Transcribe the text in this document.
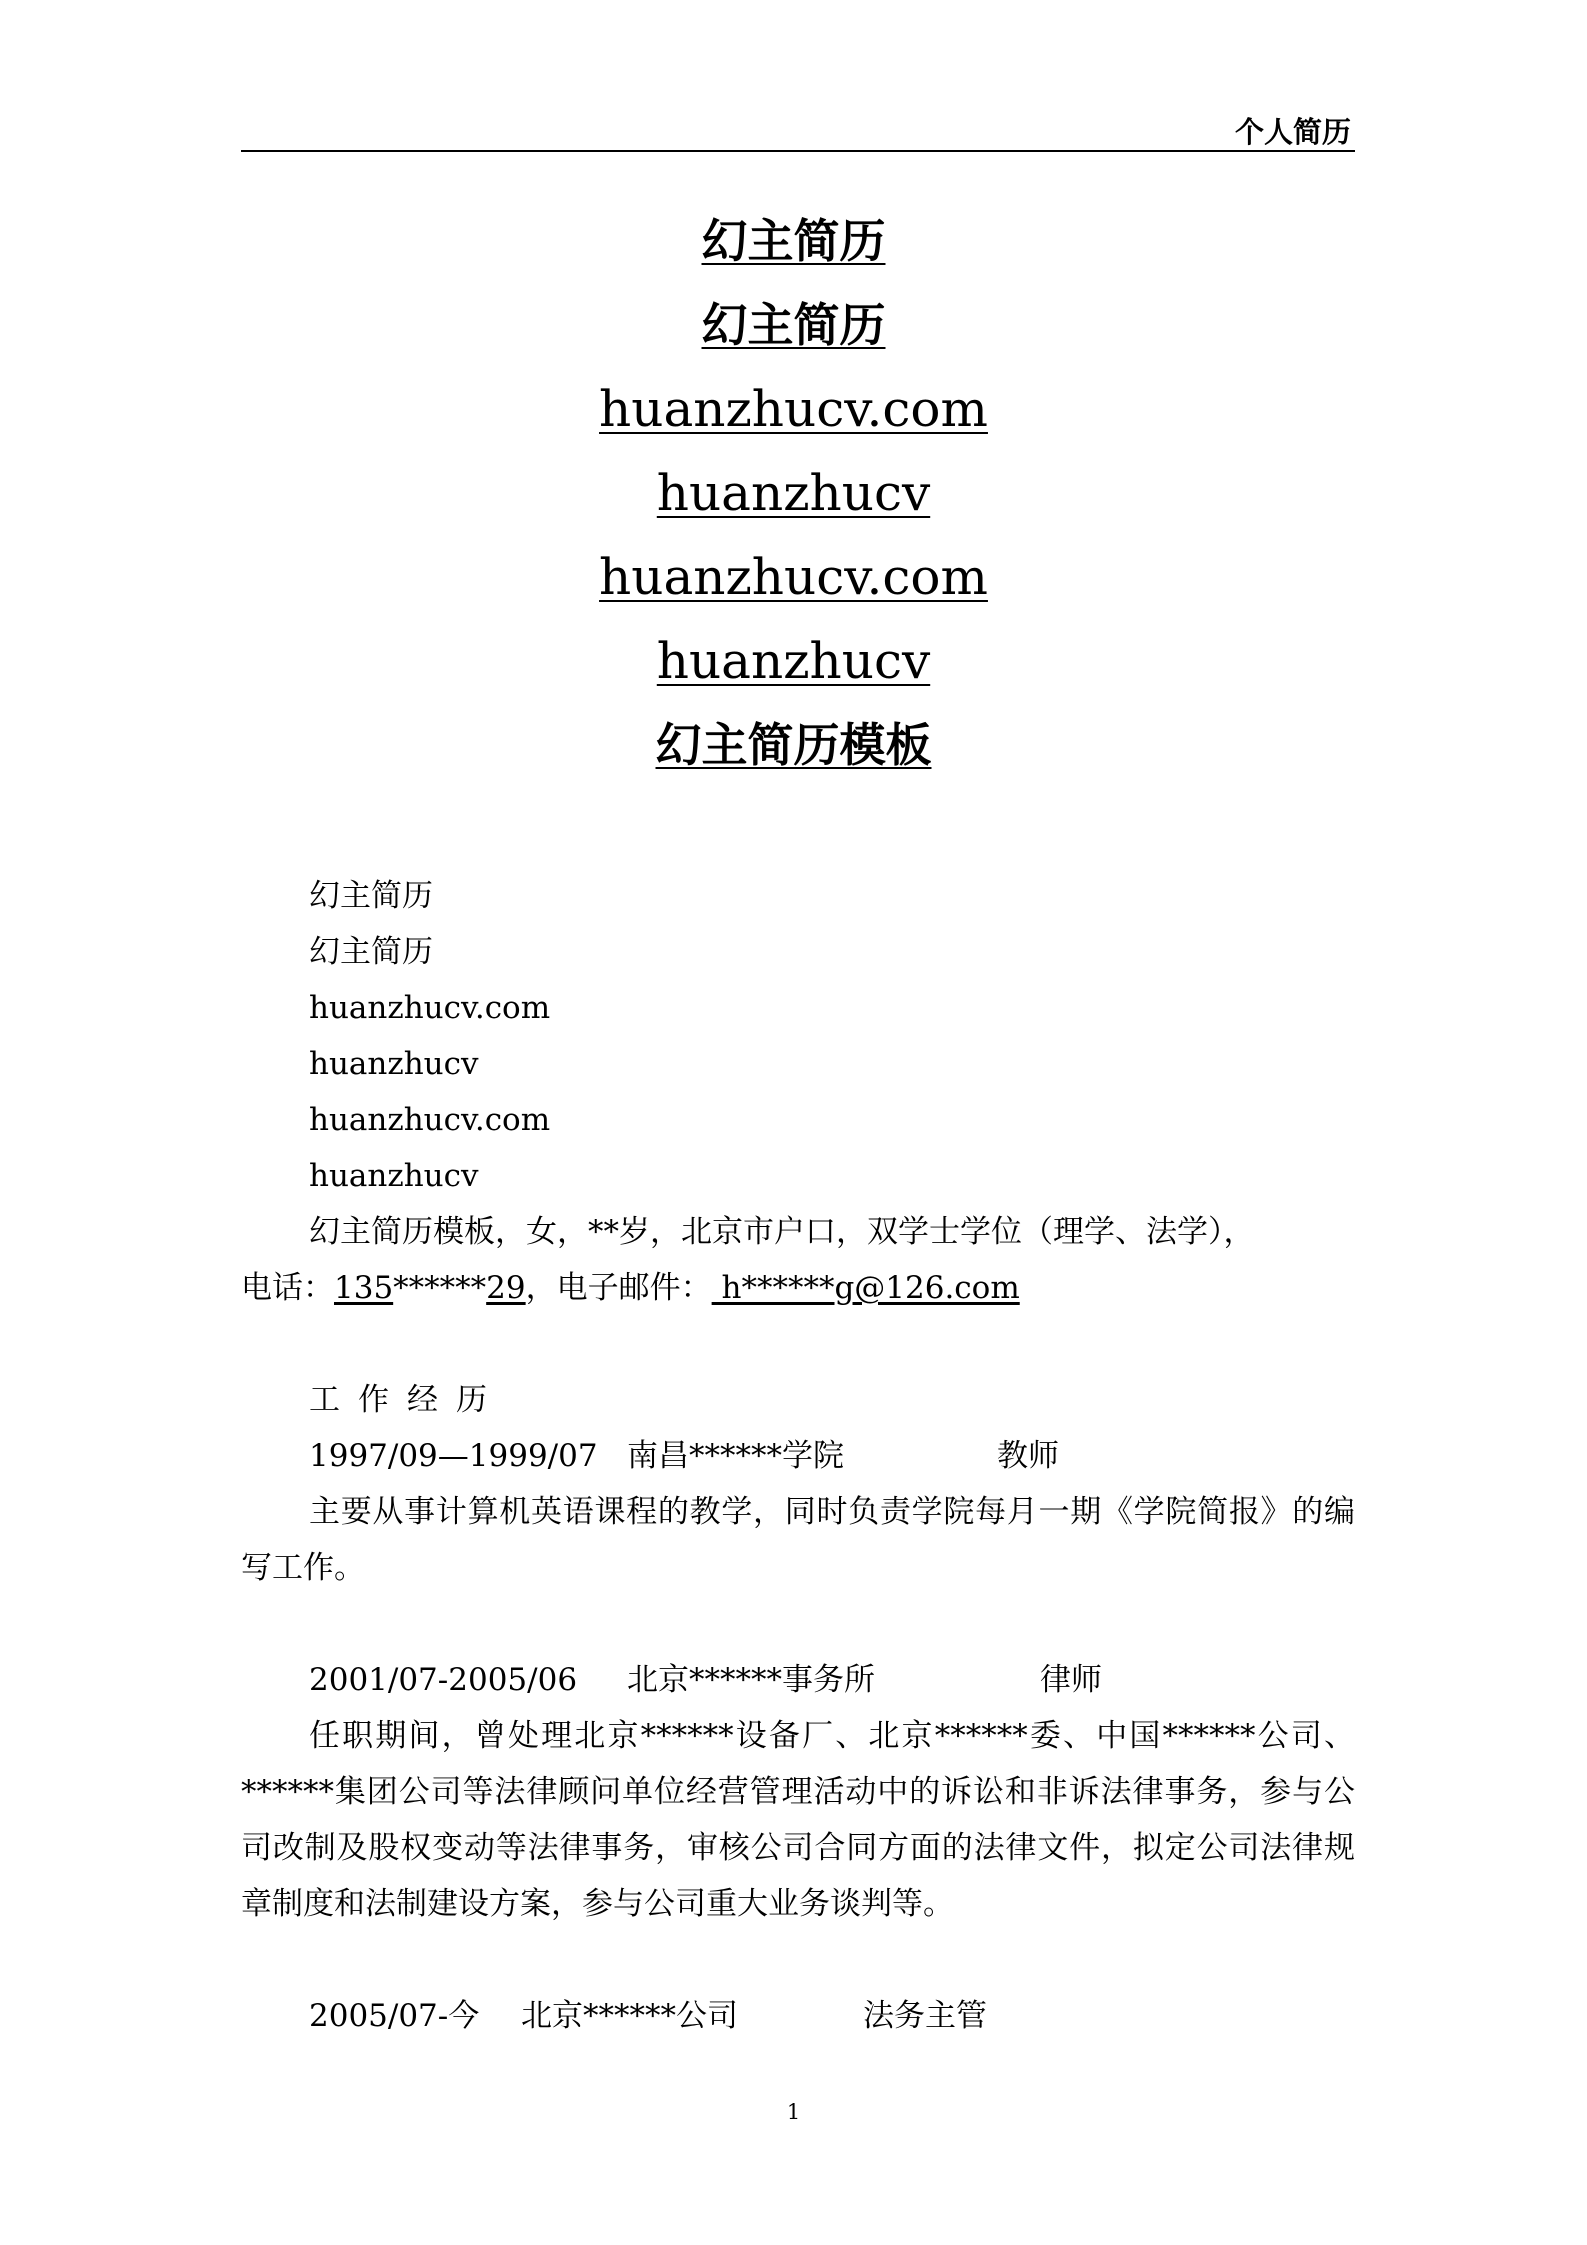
个人简历
幻主简历
幻主简历
huanzhucv.com
huanzhucv
huanzhucv.com
huanzhucv
幻主简历模板
幻主简历
幻主简历
huanzhucv.com
huanzhucv
huanzhucv.com
huanzhucv
幻主简历模板，女，**岁，北京市户口，双学士学位（理学、法学），
电话：135******29，电子邮件： h******g@126.com
工作经历
1997/09—1999/07 南昌******学院	教师
主要从事计算机英语课程的教学，同时负责学院每月一期《学院简报》的编写工作。
2001/07-2005/06 北京******事务所	律师
任职期间，曾处理北京******设备厂、北京******委、中国******公司、******集团公司等法律顾问单位经营管理活动中的诉讼和非诉法律事务，参与公司改制及股权变动等法律事务，审核公司合同方面的法律文件，拟定公司法律规章制度和法制建设方案，参与公司重大业务谈判等。
2005/07-今 北京******公司	法务主管
1
